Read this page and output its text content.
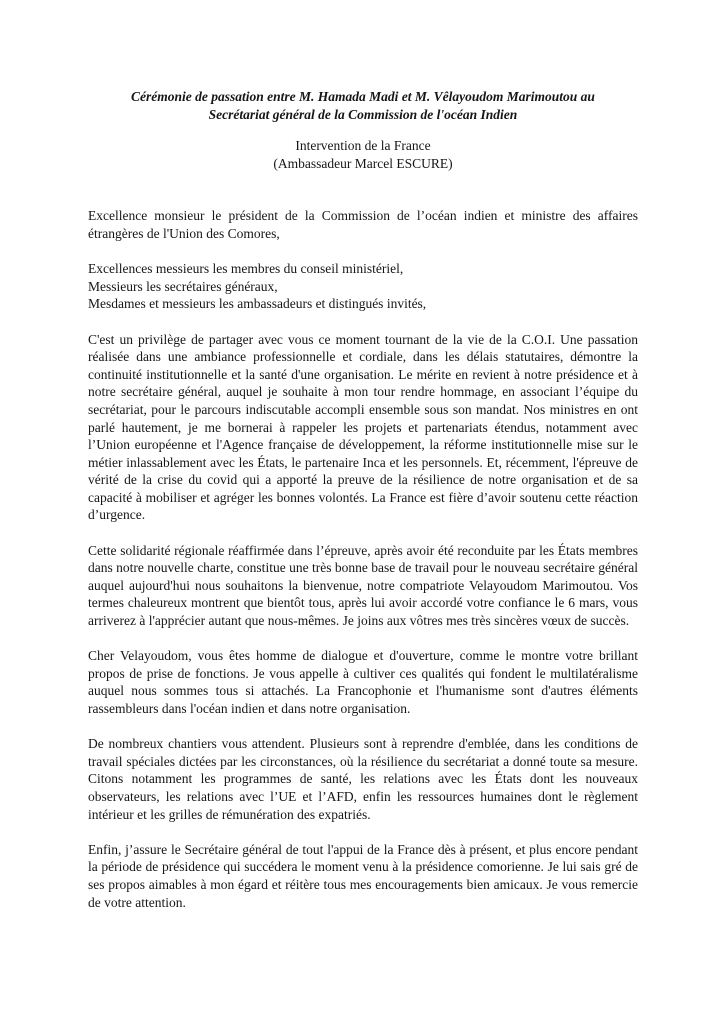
Cérémonie de passation entre M. Hamada Madi et M. Vêlayoudom Marimoutou au
Secrétariat général de la Commission de l'océan Indien
Intervention de la France
(Ambassadeur Marcel ESCURE)

Excellence monsieur le président de la Commission de l’océan indien et ministre des affaires étrangères de l'Union des Comores,

Excellences messieurs les membres du conseil ministériel,
Messieurs les secrétaires généraux,
Mesdames et messieurs les ambassadeurs et distingués invités,

C'est un privilège de partager avec vous ce moment tournant de la vie de la C.O.I. Une passation réalisée dans une ambiance professionnelle et cordiale, dans les délais statutaires, démontre la continuité institutionnelle et la santé d'une organisation. Le mérite en revient à notre présidence et à notre secrétaire général, auquel je souhaite à mon tour rendre hommage, en associant l’équipe du secrétariat, pour le parcours indiscutable accompli ensemble sous son mandat. Nos ministres en ont parlé hautement, je me bornerai à rappeler les projets et partenariats étendus, notamment avec l’Union européenne et l'Agence française de développement, la réforme institutionnelle mise sur le métier inlassablement avec les États, le partenaire Inca et les personnels. Et, récemment, l'épreuve de vérité de la crise du covid qui a apporté la preuve de la résilience de notre organisation et de sa capacité à mobiliser et agréger les bonnes volontés. La France est fière d’avoir soutenu cette réaction d’urgence.

Cette solidarité régionale réaffirmée dans l’épreuve, après avoir été reconduite par les États membres dans notre nouvelle charte, constitue une très bonne base de travail pour le nouveau secrétaire général auquel aujourd'hui nous souhaitons la bienvenue, notre compatriote Velayoudom Marimoutou. Vos termes chaleureux montrent que bientôt tous, après lui avoir accordé votre confiance le 6 mars, vous arriverez à l'apprécier autant que nous-mêmes. Je joins aux vôtres mes très sincères vœux de succès.

Cher Velayoudom, vous êtes homme de dialogue et d'ouverture, comme le montre votre brillant propos de prise de fonctions. Je vous appelle à cultiver ces qualités qui fondent le multilatéralisme auquel nous sommes tous si attachés. La Francophonie et l'humanisme sont d'autres éléments rassembleurs dans l'océan indien et dans notre organisation.

De nombreux chantiers vous attendent. Plusieurs sont à reprendre d'emblée, dans les conditions de travail spéciales dictées par les circonstances, où la résilience du secrétariat a donné toute sa mesure. Citons notamment les programmes de santé, les relations avec les États dont les nouveaux observateurs, les relations avec l’UE et l’AFD, enfin les ressources humaines dont le règlement intérieur et les grilles de rémunération des expatriés.

Enfin, j’assure le Secrétaire général de tout l'appui de la France dès à présent, et plus encore pendant la période de présidence qui succédera le moment venu à la présidence comorienne. Je lui sais gré de ses propos aimables à mon égard et réitère tous mes encouragements bien amicaux. Je vous remercie de votre attention.
